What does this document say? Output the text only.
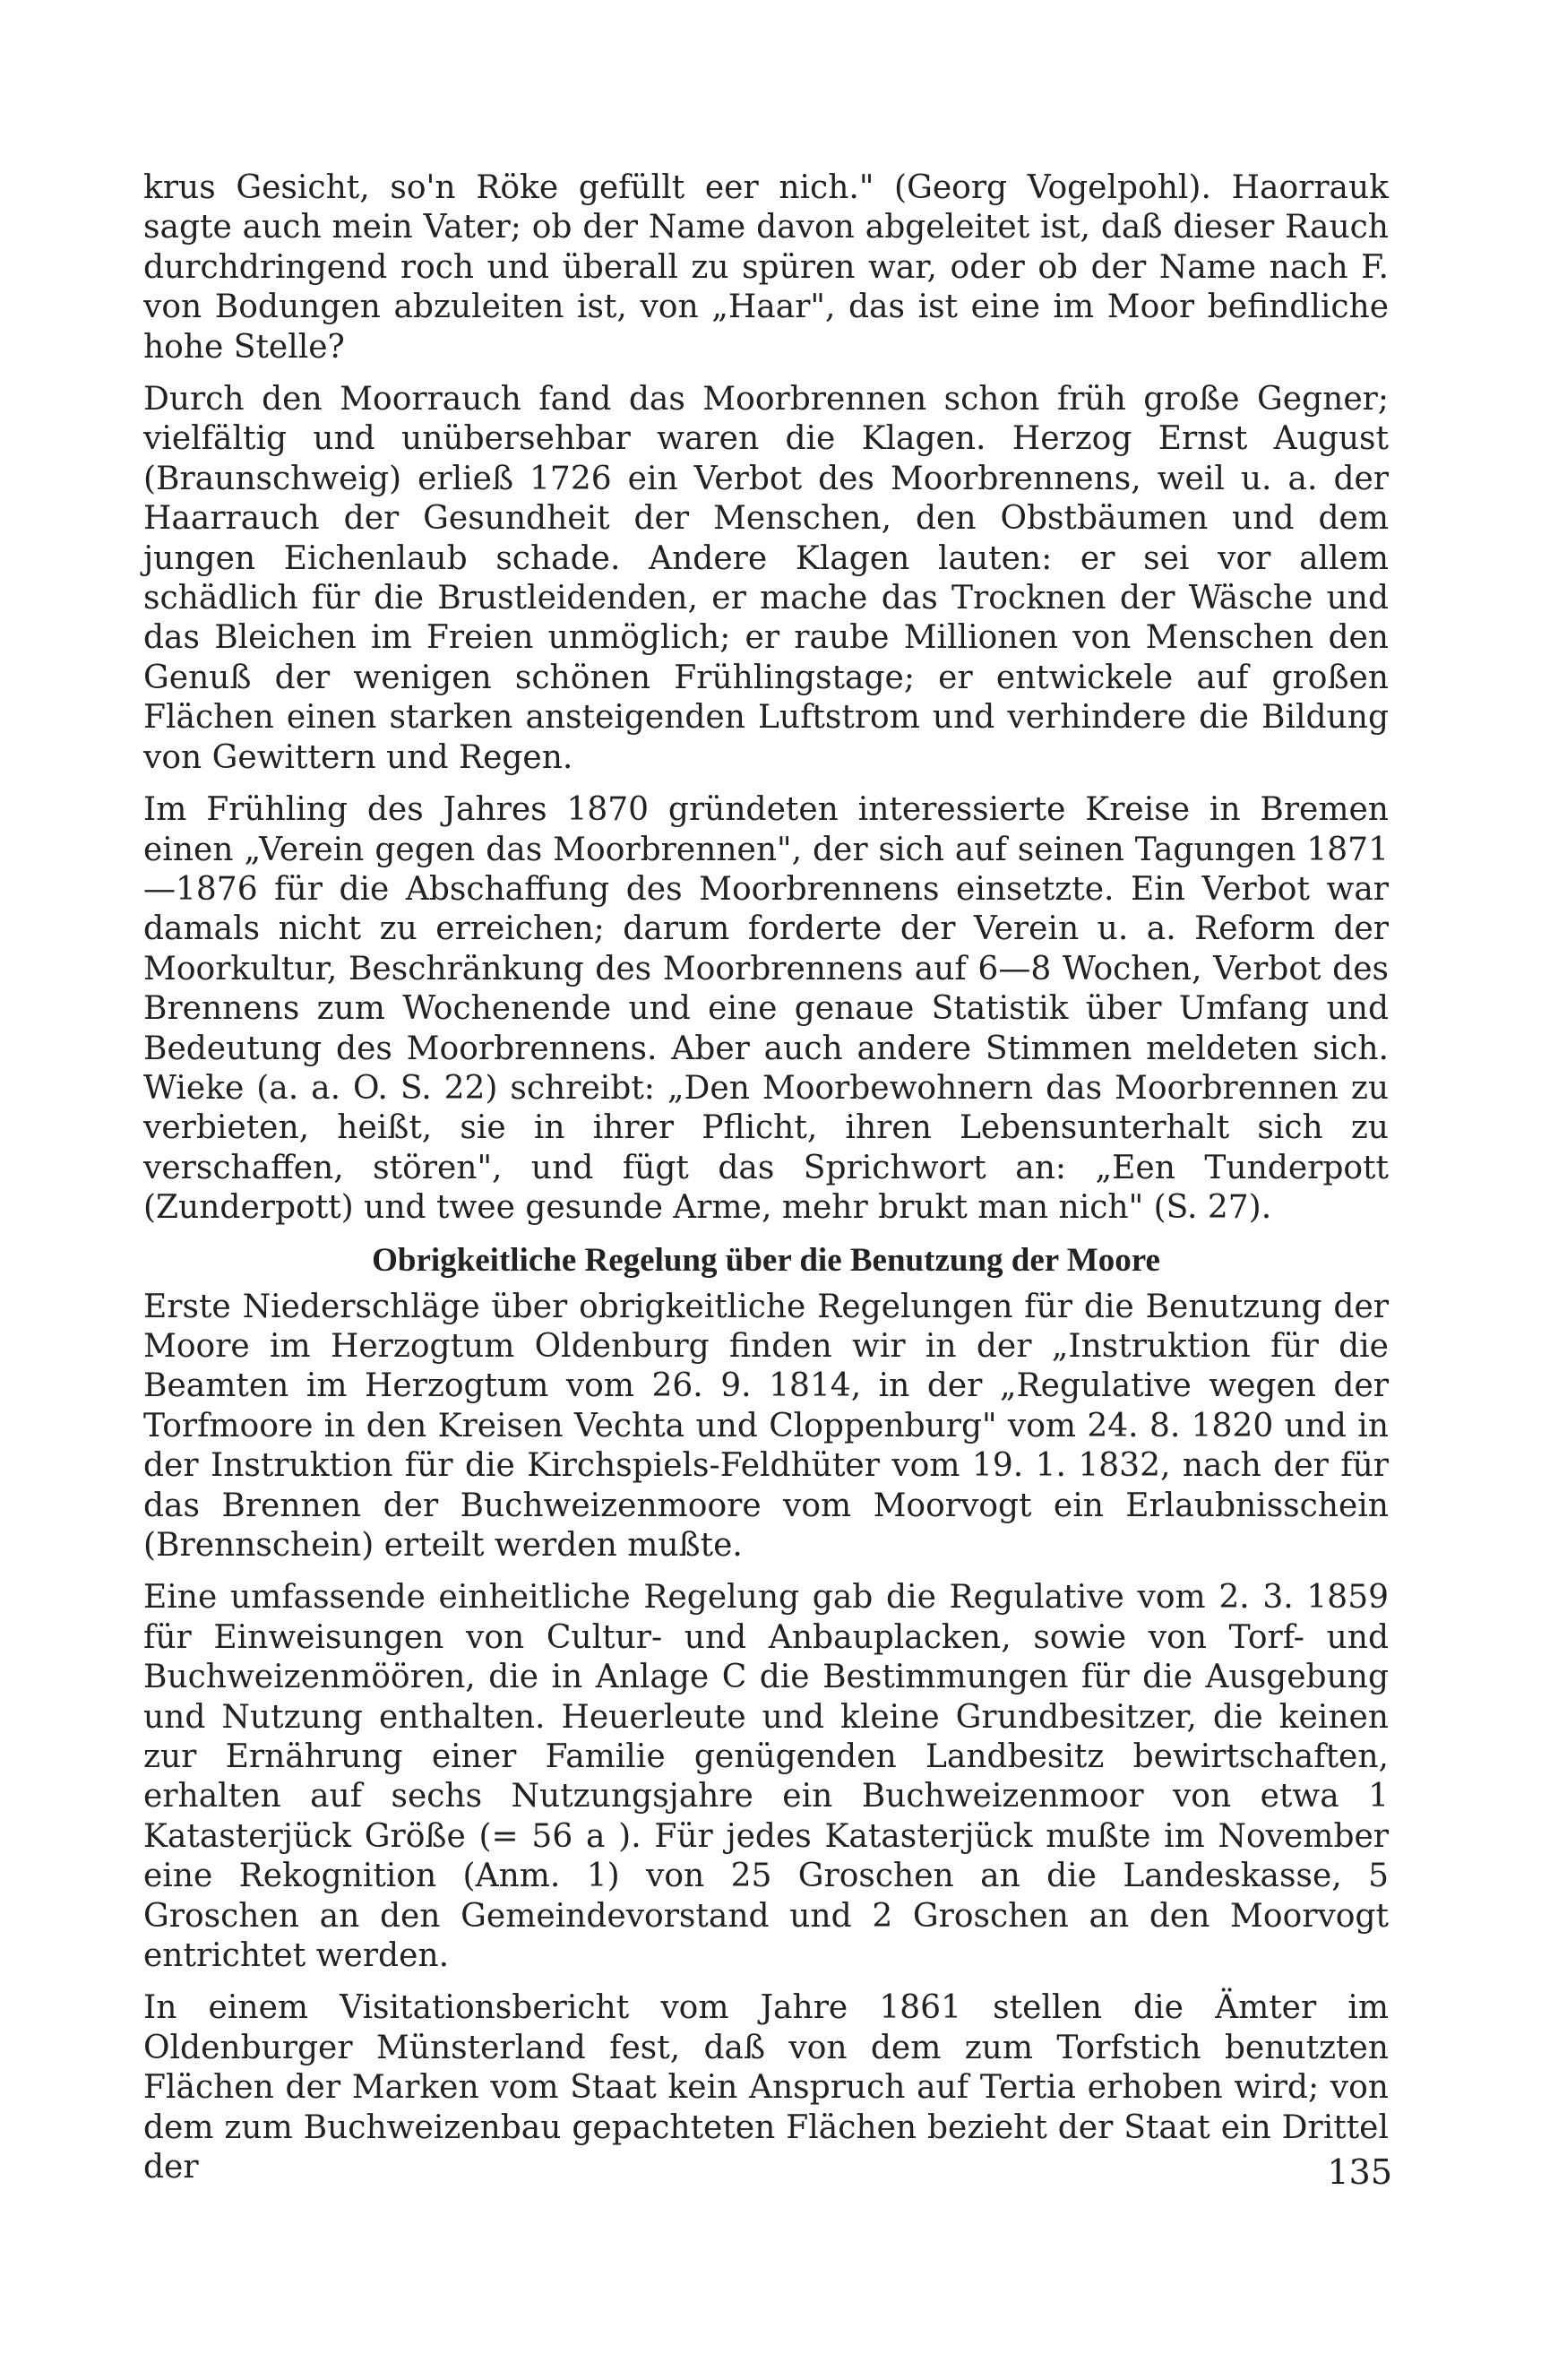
krus Gesicht, so'n Röke gefüllt eer nich." (Georg Vogelpohl). Haorrauk sagte auch mein Vater; ob der Name davon abgeleitet ist, daß dieser Rauch durchdringend roch und überall zu spüren war, oder ob der Name nach F. von Bodungen abzuleiten ist, von „Haar", das ist eine im Moor befindliche hohe Stelle?

Durch den Moorrauch fand das Moorbrennen schon früh große Gegner; vielfältig und unübersehbar waren die Klagen. Herzog Ernst August (Braunschweig) erließ 1726 ein Verbot des Moorbrennens, weil u. a. der Haarrauch der Gesundheit der Menschen, den Obstbäumen und dem jungen Eichenlaub schade. Andere Klagen lauten: er sei vor allem schädlich für die Brustleidenden, er mache das Trocknen der Wäsche und das Bleichen im Freien unmöglich; er raube Millionen von Menschen den Genuß der wenigen schönen Frühlingstage; er entwickele auf großen Flächen einen starken ansteigenden Luftstrom und verhindere die Bildung von Gewittern und Regen.

Im Frühling des Jahres 1870 gründeten interessierte Kreise in Bremen einen „Verein gegen das Moorbrennen", der sich auf seinen Tagungen 1871—1876 für die Abschaffung des Moorbrennens einsetzte. Ein Verbot war damals nicht zu erreichen; darum forderte der Verein u. a. Reform der Moorkultur, Beschränkung des Moorbrennens auf 6—8 Wochen, Verbot des Brennens zum Wochenende und eine genaue Statistik über Umfang und Bedeutung des Moorbrennens. Aber auch andere Stimmen meldeten sich. Wieke (a. a. O. S. 22) schreibt: „Den Moorbewohnern das Moorbrennen zu verbieten, heißt, sie in ihrer Pflicht, ihren Lebensunterhalt sich zu verschaffen, stören", und fügt das Sprichwort an: „Een Tunderpott (Zunderpott) und twee gesunde Arme, mehr brukt man nich" (S. 27).

Obrigkeitliche Regelung über die Benutzung der Moore

Erste Niederschläge über obrigkeitliche Regelungen für die Benutzung der Moore im Herzogtum Oldenburg finden wir in der „Instruktion für die Beamten im Herzogtum vom 26. 9. 1814, in der „Regulative wegen der Torfmoore in den Kreisen Vechta und Cloppenburg" vom 24. 8. 1820 und in der Instruktion für die Kirchspiels-Feldhüter vom 19. 1. 1832, nach der für das Brennen der Buchweizenmoore vom Moorvogt ein Erlaubnisschein (Brennschein) erteilt werden mußte.

Eine umfassende einheitliche Regelung gab die Regulative vom 2. 3. 1859 für Einweisungen von Cultur- und Anbauplacken, sowie von Torf- und Buchweizenmöören, die in Anlage C die Bestimmungen für die Ausgebung und Nutzung enthalten. Heuerleute und kleine Grundbesitzer, die keinen zur Ernährung einer Familie genügenden Landbesitz bewirtschaften, erhalten auf sechs Nutzungsjahre ein Buchweizenmoor von etwa 1 Katasterjück Größe (= 56 a ). Für jedes Katasterjück mußte im November eine Rekognition (Anm. 1) von 25 Groschen an die Landeskasse, 5 Groschen an den Gemeindevorstand und 2 Groschen an den Moorvogt entrichtet werden.

In einem Visitationsbericht vom Jahre 1861 stellen die Ämter im Oldenburger Münsterland fest, daß von dem zum Torfstich benutzten Flächen der Marken vom Staat kein Anspruch auf Tertia erhoben wird; von dem zum Buchweizenbau gepachteten Flächen bezieht der Staat ein Drittel der	135
